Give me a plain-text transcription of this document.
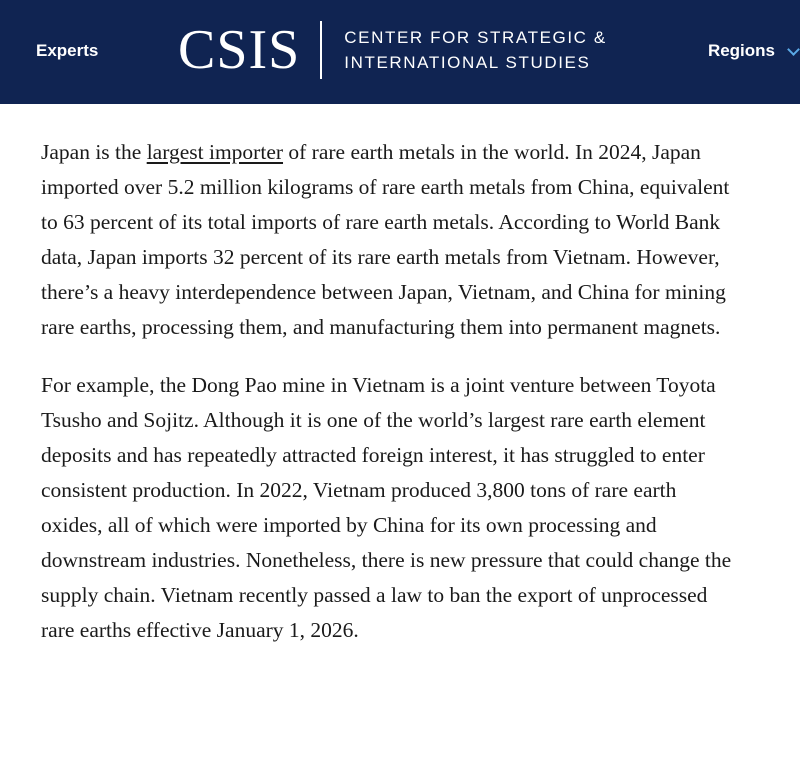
Experts CSIS	CENTER FOR STRATEGIC &
INTERNATIONAL STUDIES
Regions

Japan is the largest importer of rare earth metals in the world. In 2024, Japan imported over 5.2 million kilograms of rare earth metals from China, equivalent to 63 percent of its total imports of rare earth metals. According to World Bank data, Japan imports 32 percent of its rare earth metals from Vietnam. However, there’s a heavy interdependence between Japan, Vietnam, and China for mining rare earths, processing them, and manufacturing them into permanent magnets.

For example, the Dong Pao mine in Vietnam is a joint venture between Toyota Tsusho and Sojitz. Although it is one of the world’s largest rare earth element deposits and has repeatedly attracted foreign interest, it has struggled to enter consistent production. In 2022, Vietnam produced 3,800 tons of rare earth oxides, all of which were imported by China for its own processing and downstream industries. Nonetheless, there is new pressure that could change the supply chain. Vietnam recently passed a law to ban the export of unprocessed rare earths effective January 1, 2026.
